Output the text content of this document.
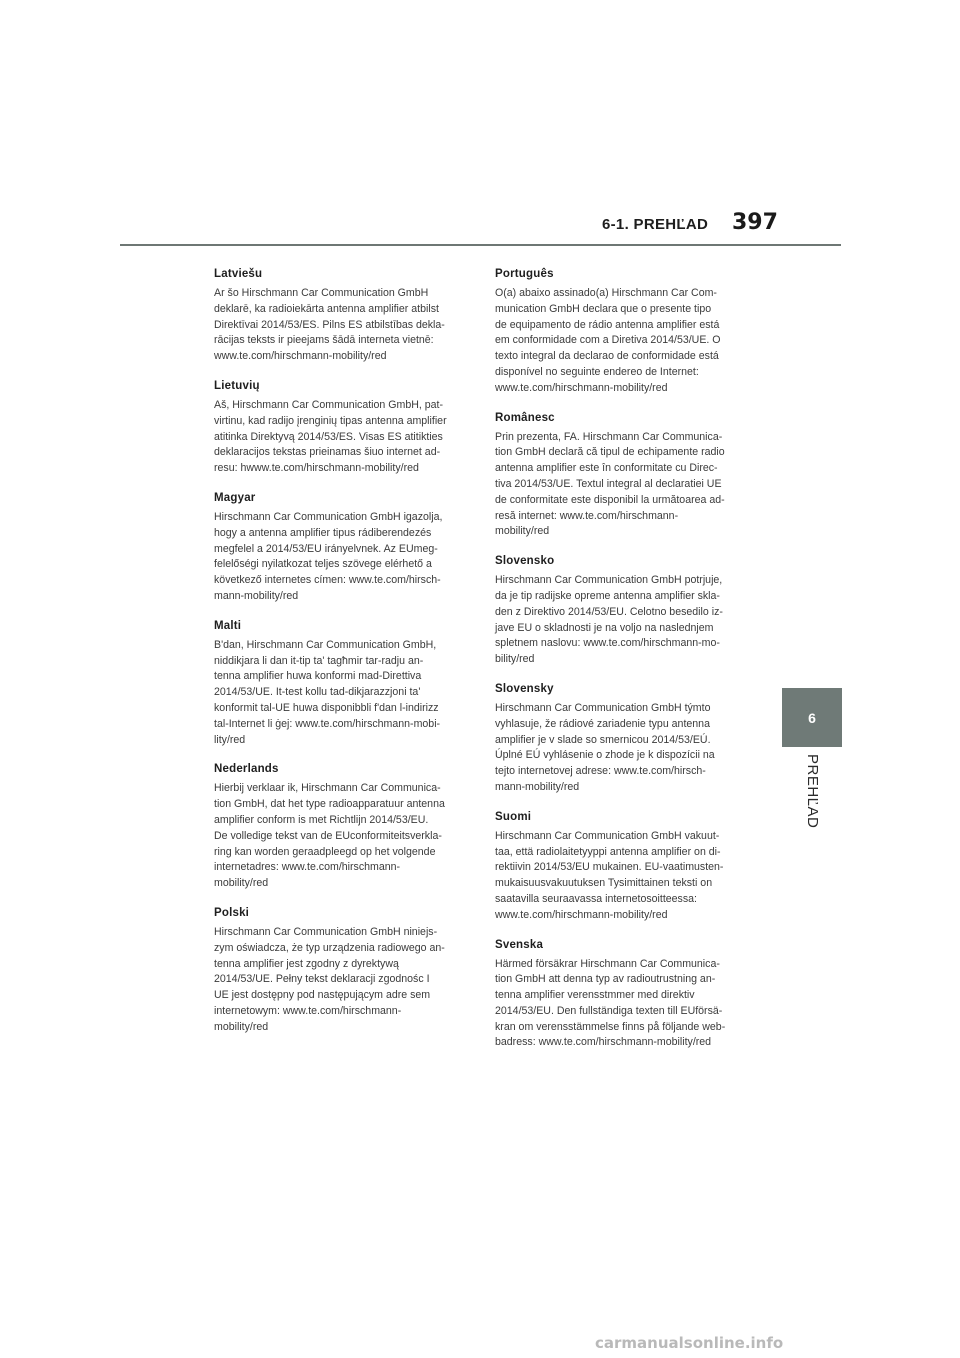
6-1. PREHĽAD 397
Latviešu
Ar šo Hirschmann Car Communication GmbH
deklarē, ka radioiekārta antenna amplifier atbilst
Direktīvai 2014/53/ES. Pilns ES atbilstības dekla-
rācijas teksts ir pieejams šādā interneta vietnē:
www.te.com/hirschmann-mobility/red
Lietuvių
Aš, Hirschmann Car Communication GmbH, pat-
virtinu, kad radijo įrenginių tipas antenna amplifier
atitinka Direktyvą 2014/53/ES. Visas ES atitikties
deklaracijos tekstas prieinamas šiuo internet ad-
resu: hwww.te.com/hirschmann-mobility/red
Magyar
Hirschmann Car Communication GmbH igazolja,
hogy a antenna amplifier tipus rádiberendezés
megfelel a 2014/53/EU irányelvnek. Az EUmeg-
felelőségi nyilatkozat teljes szövege elérhető a
következő internetes címen: www.te.com/hirsch-
mann-mobility/red
Malti
B'dan, Hirschmann Car Communication GmbH,
niddikjara li dan it-tip ta' tagħmir tar-radju an-
tenna amplifier huwa konformi mad-Direttiva
2014/53/UE. It-test kollu tad-dikjarazzjoni ta'
konformit tal-UE huwa disponibbli f'dan l-indirizz
tal-Internet li ġej: www.te.com/hirschmann-mobi-
lity/red
Nederlands
Hierbij verklaar ik, Hirschmann Car Communica-
tion GmbH, dat het type radioapparatuur antenna
amplifier conform is met Richtlijn 2014/53/EU.
De volledige tekst van de EUconformiteitsverkla-
ring kan worden geraadpleegd op het volgende
internetadres: www.te.com/hirschmann-
mobility/red
Polski
Hirschmann Car Communication GmbH niniejs-
zym oświadcza, że typ urządzenia radiowego an-
tenna amplifier jest zgodny z dyrektywą
2014/53/UE. Pełny tekst deklaracji zgodnośc I
UE jest dostępny pod następującym adre sem
internetowym: www.te.com/hirschmann-
mobility/red
Português
O(a) abaixo assinado(a) Hirschmann Car Com-
munication GmbH declara que o presente tipo
de equipamento de rádio antenna amplifier está
em conformidade com a Diretiva 2014/53/UE. O
texto integral da declarao de conformidade está
disponível no seguinte endereo de Internet:
www.te.com/hirschmann-mobility/red
Românesc
Prin prezenta, FA. Hirschmann Car Communica-
tion GmbH declară că tipul de echipamente radio
antenna amplifier este în conformitate cu Direc-
tiva 2014/53/UE. Textul integral al declaratiei UE
de conformitate este disponibil la următoarea ad-
resă internet: www.te.com/hirschmann-
mobility/red
Slovensko
Hirschmann Car Communication GmbH potrjuje,
da je tip radijske opreme antenna amplifier skla-
den z Direktivo 2014/53/EU. Celotno besedilo iz-
jave EU o skladnosti je na voljo na naslednjem
spletnem naslovu: www.te.com/hirschmann-mo-
bility/red
Slovensky
Hirschmann Car Communication GmbH týmto
vyhlasuje, že rádiové zariadenie typu antenna
amplifier je v slade so smernicou 2014/53/EÚ.
Úplné EÚ vyhlásenie o zhode je k dispozícii na
tejto internetovej adrese: www.te.com/hirsch-
mann-mobility/red
Suomi
Hirschmann Car Communication GmbH vakuut-
taa, että radiolaitetyyppi antenna amplifier on di-
rektiivin 2014/53/EU mukainen. EU-vaatimusten-
mukaisuusvakuutuksen Tysimittainen teksti on
saatavilla seuraavassa internetosoitteessa:
www.te.com/hirschmann-mobility/red
Svenska
Härmed försäkrar Hirschmann Car Communica-
tion GmbH att denna typ av radioutrustning an-
tenna amplifier verensstmmer med direktiv
2014/53/EU. Den fullständiga texten till EUförsä-
kran om verensstämmelse finns på följande web-
badress: www.te.com/hirschmann-mobility/red
6
PREHĽAD
carmanualsonline.info
